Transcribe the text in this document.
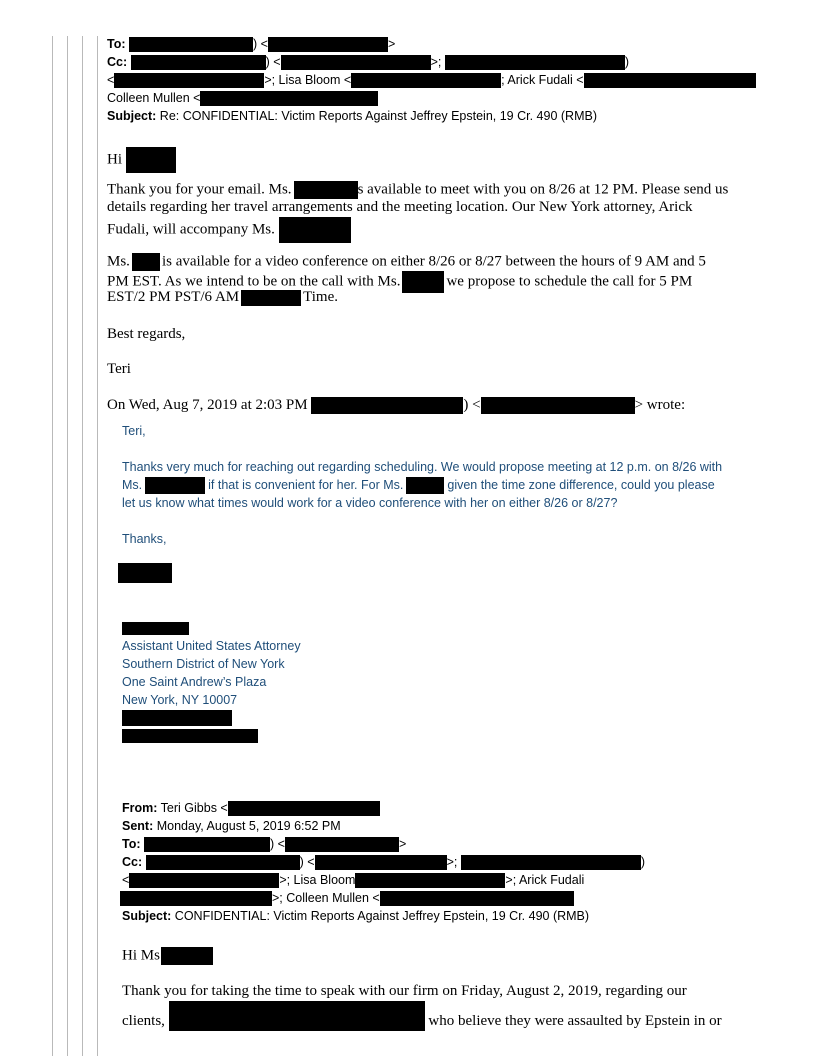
To:	) <	>
Cc:	) <	>;	)
<	>; Lisa Bloom <	; Arick Fudali <
Colleen Mullen <
Subject: Re: CONFIDENTIAL: Victim Reports Against Jeffrey Epstein, 19 Cr. 490 (RMB)
Hi
Thank you for your email. Ms.	s available to meet with you on 8/26 at 12 PM. Please send us
details regarding her travel arrangements and the meeting location. Our New York attorney, Arick
Fudali, will accompany Ms.
Ms. is available for a video conference on either 8/26 or 8/27 between the hours of 9 AM and 5
PM EST. As we intend to be on the call with Ms.	we propose to schedule the call for 5 PM
EST/2 PM PST/6 AM	Time.
Best regards,
Teri
On Wed, Aug 7, 2019 at 2:03 PM	) <	> wrote:
Teri,
Thanks very much for reaching out regarding scheduling. We would propose meeting at 12 p.m. on 8/26 with
Ms.	if that is convenient for her. For Ms.	given the time zone difference, could you please
let us know what times would work for a video conference with her on either 8/26 or 8/27?
Thanks,
Assistant United States Attorney
Southern District of New York
One Saint Andrew’s Plaza
New York, NY 10007
From: Teri Gibbs <
Sent: Monday, August 5, 2019 6:52 PM
To:	) <	>
Cc:	) <	>;	)
<	>; Lisa Bloom	>; Arick Fudali
>; Colleen Mullen <
Subject: CONFIDENTIAL: Victim Reports Against Jeffrey Epstein, 19 Cr. 490 (RMB)
Hi Ms
Thank you for taking the time to speak with our firm on Friday, August 2, 2019, regarding our
clients,	who believe they were assaulted by Epstein in or
